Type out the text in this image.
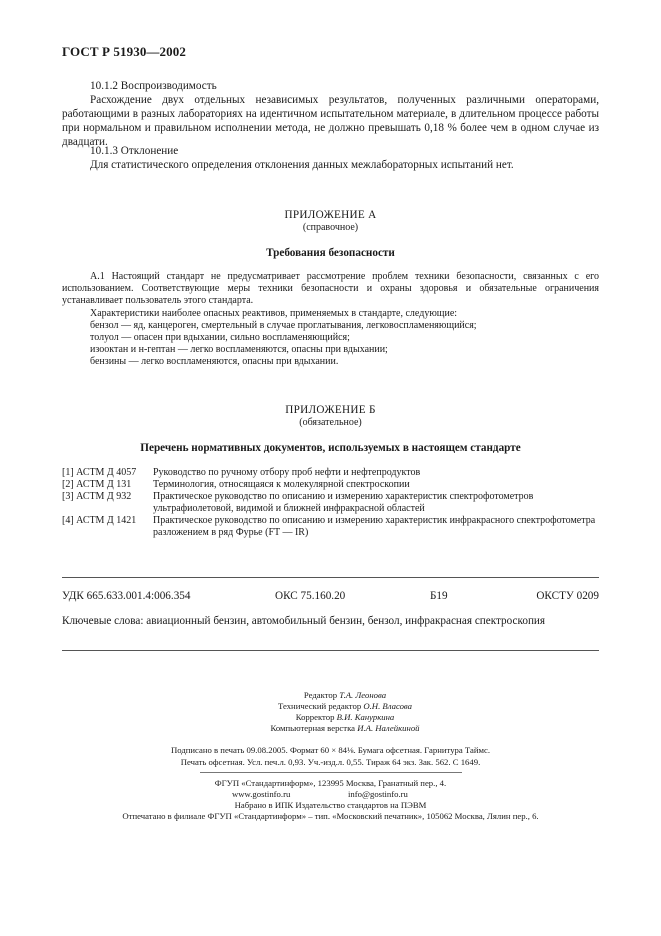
ГОСТ Р 51930—2002
10.1.2 Воспроизводимость
Расхождение двух отдельных независимых результатов, полученных различными операторами, работающими в разных лабораториях на идентичном испытательном материале, в длительном процессе работы при нормальном и правильном исполнении метода, не должно превышать 0,18 % более чем в одном случае из двадцати.
10.1.3 Отклонение
Для статистического определения отклонения данных межлабораторных испытаний нет.
ПРИЛОЖЕНИЕ А
(справочное)
Требования безопасности
А.1 Настоящий стандарт не предусматривает рассмотрение проблем техники безопасности, связанных с его использованием. Соответствующие меры техники безопасности и охраны здоровья и обязательные ограничения устанавливает пользователь этого стандарта.
Характеристики наиболее опасных реактивов, применяемых в стандарте, следующие:
бензол — яд, канцероген, смертельный в случае проглатывания, легковоспламеняющийся;
толуол — опасен при вдыхании, сильно воспламеняющийся;
изооктан и н-гептан — легко воспламеняются, опасны при вдыхании;
бензины — легко воспламеняются, опасны при вдыхании.
ПРИЛОЖЕНИЕ Б
(обязательное)
Перечень нормативных документов, используемых в настоящем стандарте
[1] АСТМ Д 4057 Руководство по ручному отбору проб нефти и нефтепродуктов
[2] АСТМ Д 131 Терминология, относящаяся к молекулярной спектроскопии
[3] АСТМ Д 932 Практическое руководство по описанию и измерению характеристик спектрофотометров ультрафиолетовой, видимой и ближней инфракрасной областей
[4] АСТМ Д 1421 Практическое руководство по описанию и измерению характеристик инфракрасного спектрофотометра разложением в ряд Фурье (FT — IR)
УДК 665.633.001.4:006.354	ОКС 75.160.20	Б19	ОКСТУ 0209
Ключевые слова: авиационный бензин, автомобильный бензин, бензол, инфракрасная спектроскопия
Редактор Т.А. Леонова
Технический редактор О.Н. Власова
Корректор В.И. Кануркина
Компьютерная верстка И.А. Налейкиной
Подписано в печать 09.08.2005. Формат 60 × 84⅛. Бумага офсетная. Гарнитура Таймс.
Печать офсетная. Усл. печ.л. 0,93. Уч.-изд.л. 0,55. Тираж 64 экз. Зак. 562. С 1649.
ФГУП «Стандартинформ», 123995 Москва, Гранатный пер., 4.
www.gostinfo.ru	info@gostinfo.ru
Набрано в ИПК Издательство стандартов на ПЭВМ
Отпечатано в филиале ФГУП «Стандартинформ» – тип. «Московский печатник», 105062 Москва, Лялин пер., 6.
